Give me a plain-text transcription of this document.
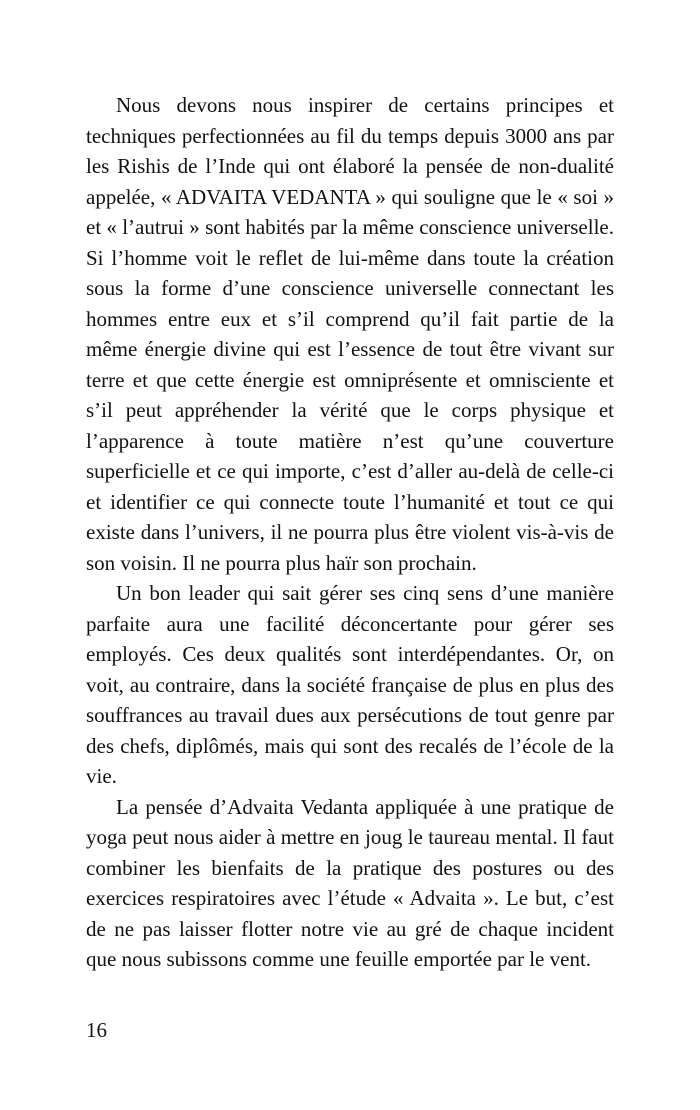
Nous devons nous inspirer de certains principes et techniques perfectionnées au fil du temps depuis 3000 ans par les Rishis de l’Inde qui ont élaboré la pensée de non-dualité appelée, « ADVAITA VEDANTA » qui souligne que le « soi » et « l’autrui » sont habités par la même conscience universelle. Si l’homme voit le reflet de lui-même dans toute la création sous la forme d’une conscience universelle connectant les hommes entre eux et s’il comprend qu’il fait partie de la même énergie divine qui est l’essence de tout être vivant sur terre et que cette énergie est omniprésente et omnisciente et s’il peut appréhender la vérité que le corps physique et l’apparence à toute matière n’est qu’une couverture superficielle et ce qui importe, c’est d’aller au-delà de celle-ci et identifier ce qui connecte toute l’humanité et tout ce qui existe dans l’univers, il ne pourra plus être violent vis-à-vis de son voisin. Il ne pourra plus haïr son prochain.

Un bon leader qui sait gérer ses cinq sens d’une manière parfaite aura une facilité déconcertante pour gérer ses employés. Ces deux qualités sont interdépendantes. Or, on voit, au contraire, dans la société française de plus en plus des souffrances au travail dues aux persécutions de tout genre par des chefs, diplômés, mais qui sont des recalés de l’école de la vie.

La pensée d’Advaita Vedanta appliquée à une pratique de yoga peut nous aider à mettre en joug le taureau mental. Il faut combiner les bienfaits de la pratique des postures ou des exercices respiratoires avec l’étude « Advaita ». Le but, c’est de ne pas laisser flotter notre vie au gré de chaque incident que nous subissons comme une feuille emportée par le vent.

16
